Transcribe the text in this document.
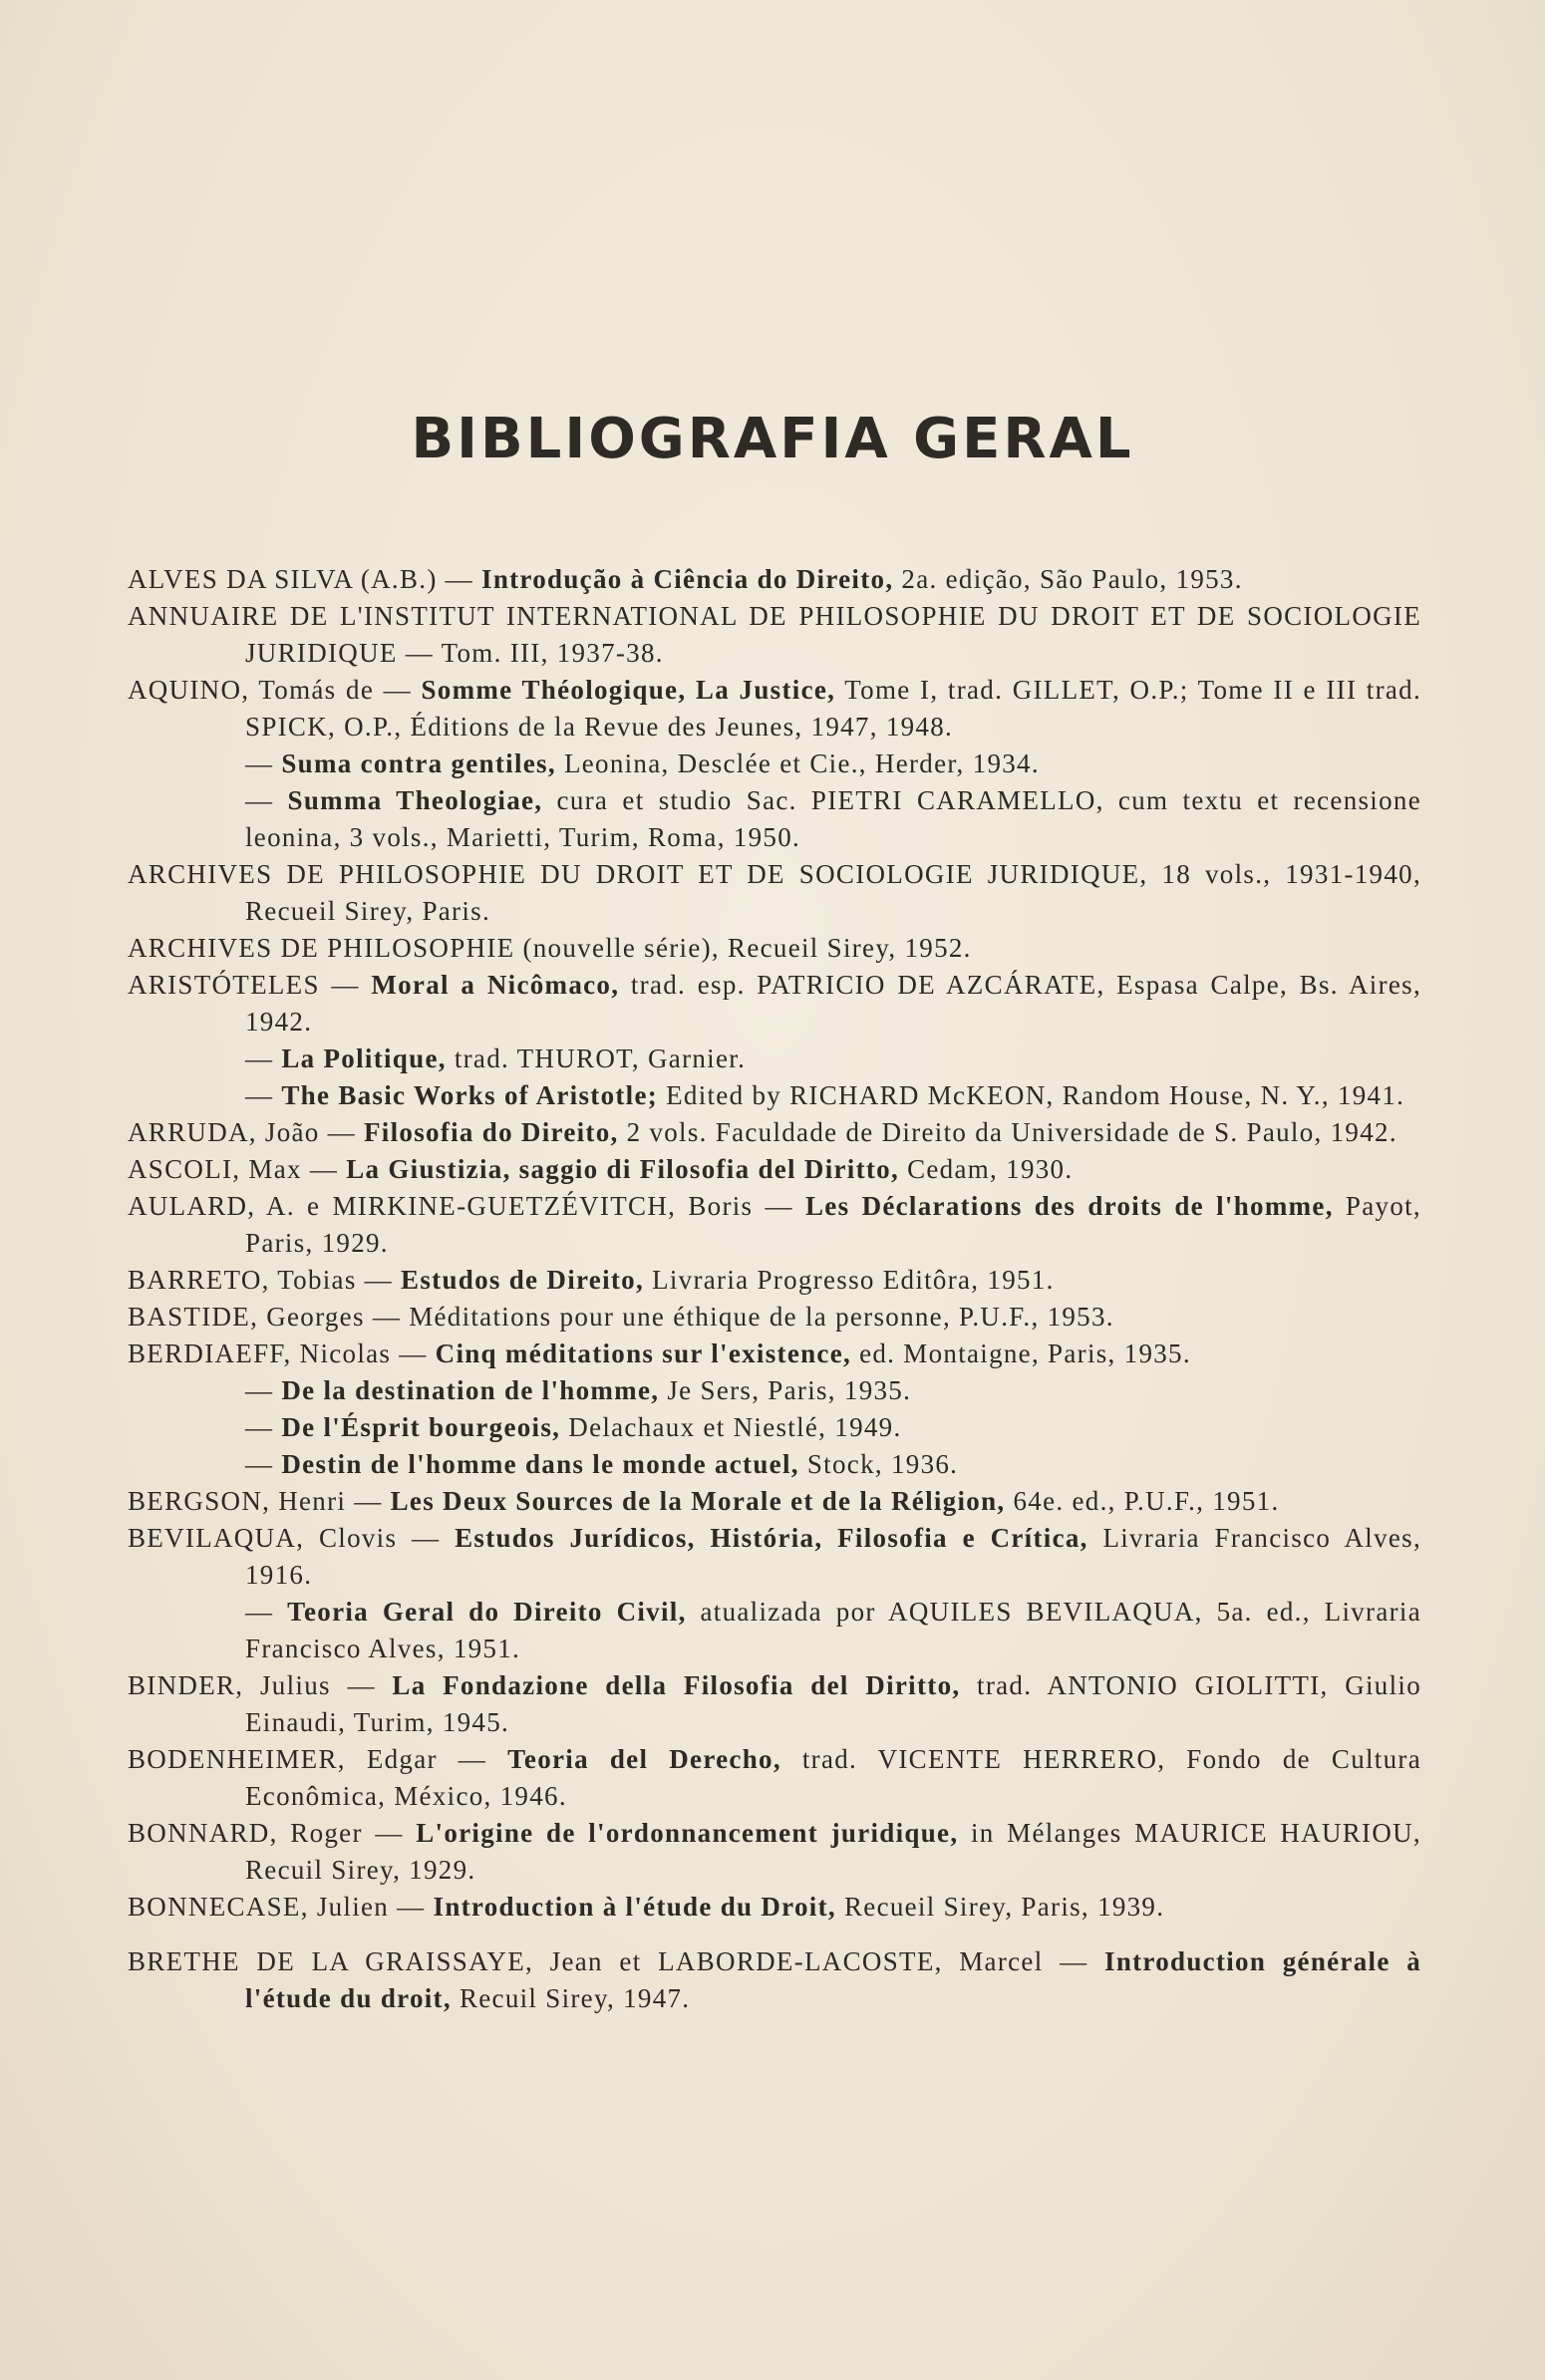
BIBLIOGRAFIA GERAL
ALVES DA SILVA (A.B.) — Introdução à Ciência do Direito, 2a. edição, São Paulo, 1953.
ANNUAIRE DE L'INSTITUT INTERNATIONAL DE PHILOSOPHIE DU DROIT ET DE SOCIOLOGIE JURIDIQUE — Tom. III, 1937-38.
AQUINO, Tomás de — Somme Théologique, La Justice, Tome I, trad. GILLET, O.P.; Tome II e III trad. SPICK, O.P., Éditions de la Revue des Jeunes, 1947, 1948.
— Suma contra gentiles, Leonina, Desclée et Cie., Herder, 1934.
— Summa Theologiae, cura et studio Sac. PIETRI CARAMELLO, cum textu et recensione leonina, 3 vols., Marietti, Turim, Roma, 1950.
ARCHIVES DE PHILOSOPHIE DU DROIT ET DE SOCIOLOGIE JURIDIQUE, 18 vols., 1931-1940, Recueil Sirey, Paris.
ARCHIVES DE PHILOSOPHIE (nouvelle série), Recueil Sirey, 1952.
ARISTÓTELES — Moral a Nicômaco, trad. esp. PATRICIO DE AZCÁRATE, Espasa Calpe, Bs. Aires, 1942.
— La Politique, trad. THUROT, Garnier.
— The Basic Works of Aristotle; Edited by RICHARD McKEON, Random House, N. Y., 1941.
ARRUDA, João — Filosofia do Direito, 2 vols. Faculdade de Direito da Universidade de S. Paulo, 1942.
ASCOLI, Max — La Giustizia, saggio di Filosofia del Diritto, Cedam, 1930.
AULARD, A. e MIRKINE-GUETZÉVITCH, Boris — Les Déclarations des droits de l'homme, Payot, Paris, 1929.
BARRETO, Tobias — Estudos de Direito, Livraria Progresso Editôra, 1951.
BASTIDE, Georges — Méditations pour une éthique de la personne, P.U.F., 1953.
BERDIAEFF, Nicolas — Cinq méditations sur l'existence, ed. Montaigne, Paris, 1935.
— De la destination de l'homme, Je Sers, Paris, 1935.
— De l'Ésprit bourgeois, Delachaux et Niestlé, 1949.
— Destin de l'homme dans le monde actuel, Stock, 1936.
BERGSON, Henri — Les Deux Sources de la Morale et de la Réligion, 64e. ed., P.U.F., 1951.
BEVILAQUA, Clovis — Estudos Jurídicos, História, Filosofia e Crítica, Livraria Francisco Alves, 1916.
— Teoria Geral do Direito Civil, atualizada por AQUILES BEVILAQUA, 5a. ed., Livraria Francisco Alves, 1951.
BINDER, Julius — La Fondazione della Filosofia del Diritto, trad. ANTONIO GIOLITTI, Giulio Einaudi, Turim, 1945.
BODENHEIMER, Edgar — Teoria del Derecho, trad. VICENTE HERRERO, Fondo de Cultura Econômica, México, 1946.
BONNARD, Roger — L'origine de l'ordonnancement juridique, in Mélanges MAURICE HAURIOU, Recuil Sirey, 1929.
BONNECASE, Julien — Introduction à l'étude du Droit, Recueil Sirey, Paris, 1939.
BRETHE DE LA GRAISSAYE, Jean et LABORDE-LACOSTE, Marcel — Introduction générale à l'étude du droit, Recuil Sirey, 1947.
